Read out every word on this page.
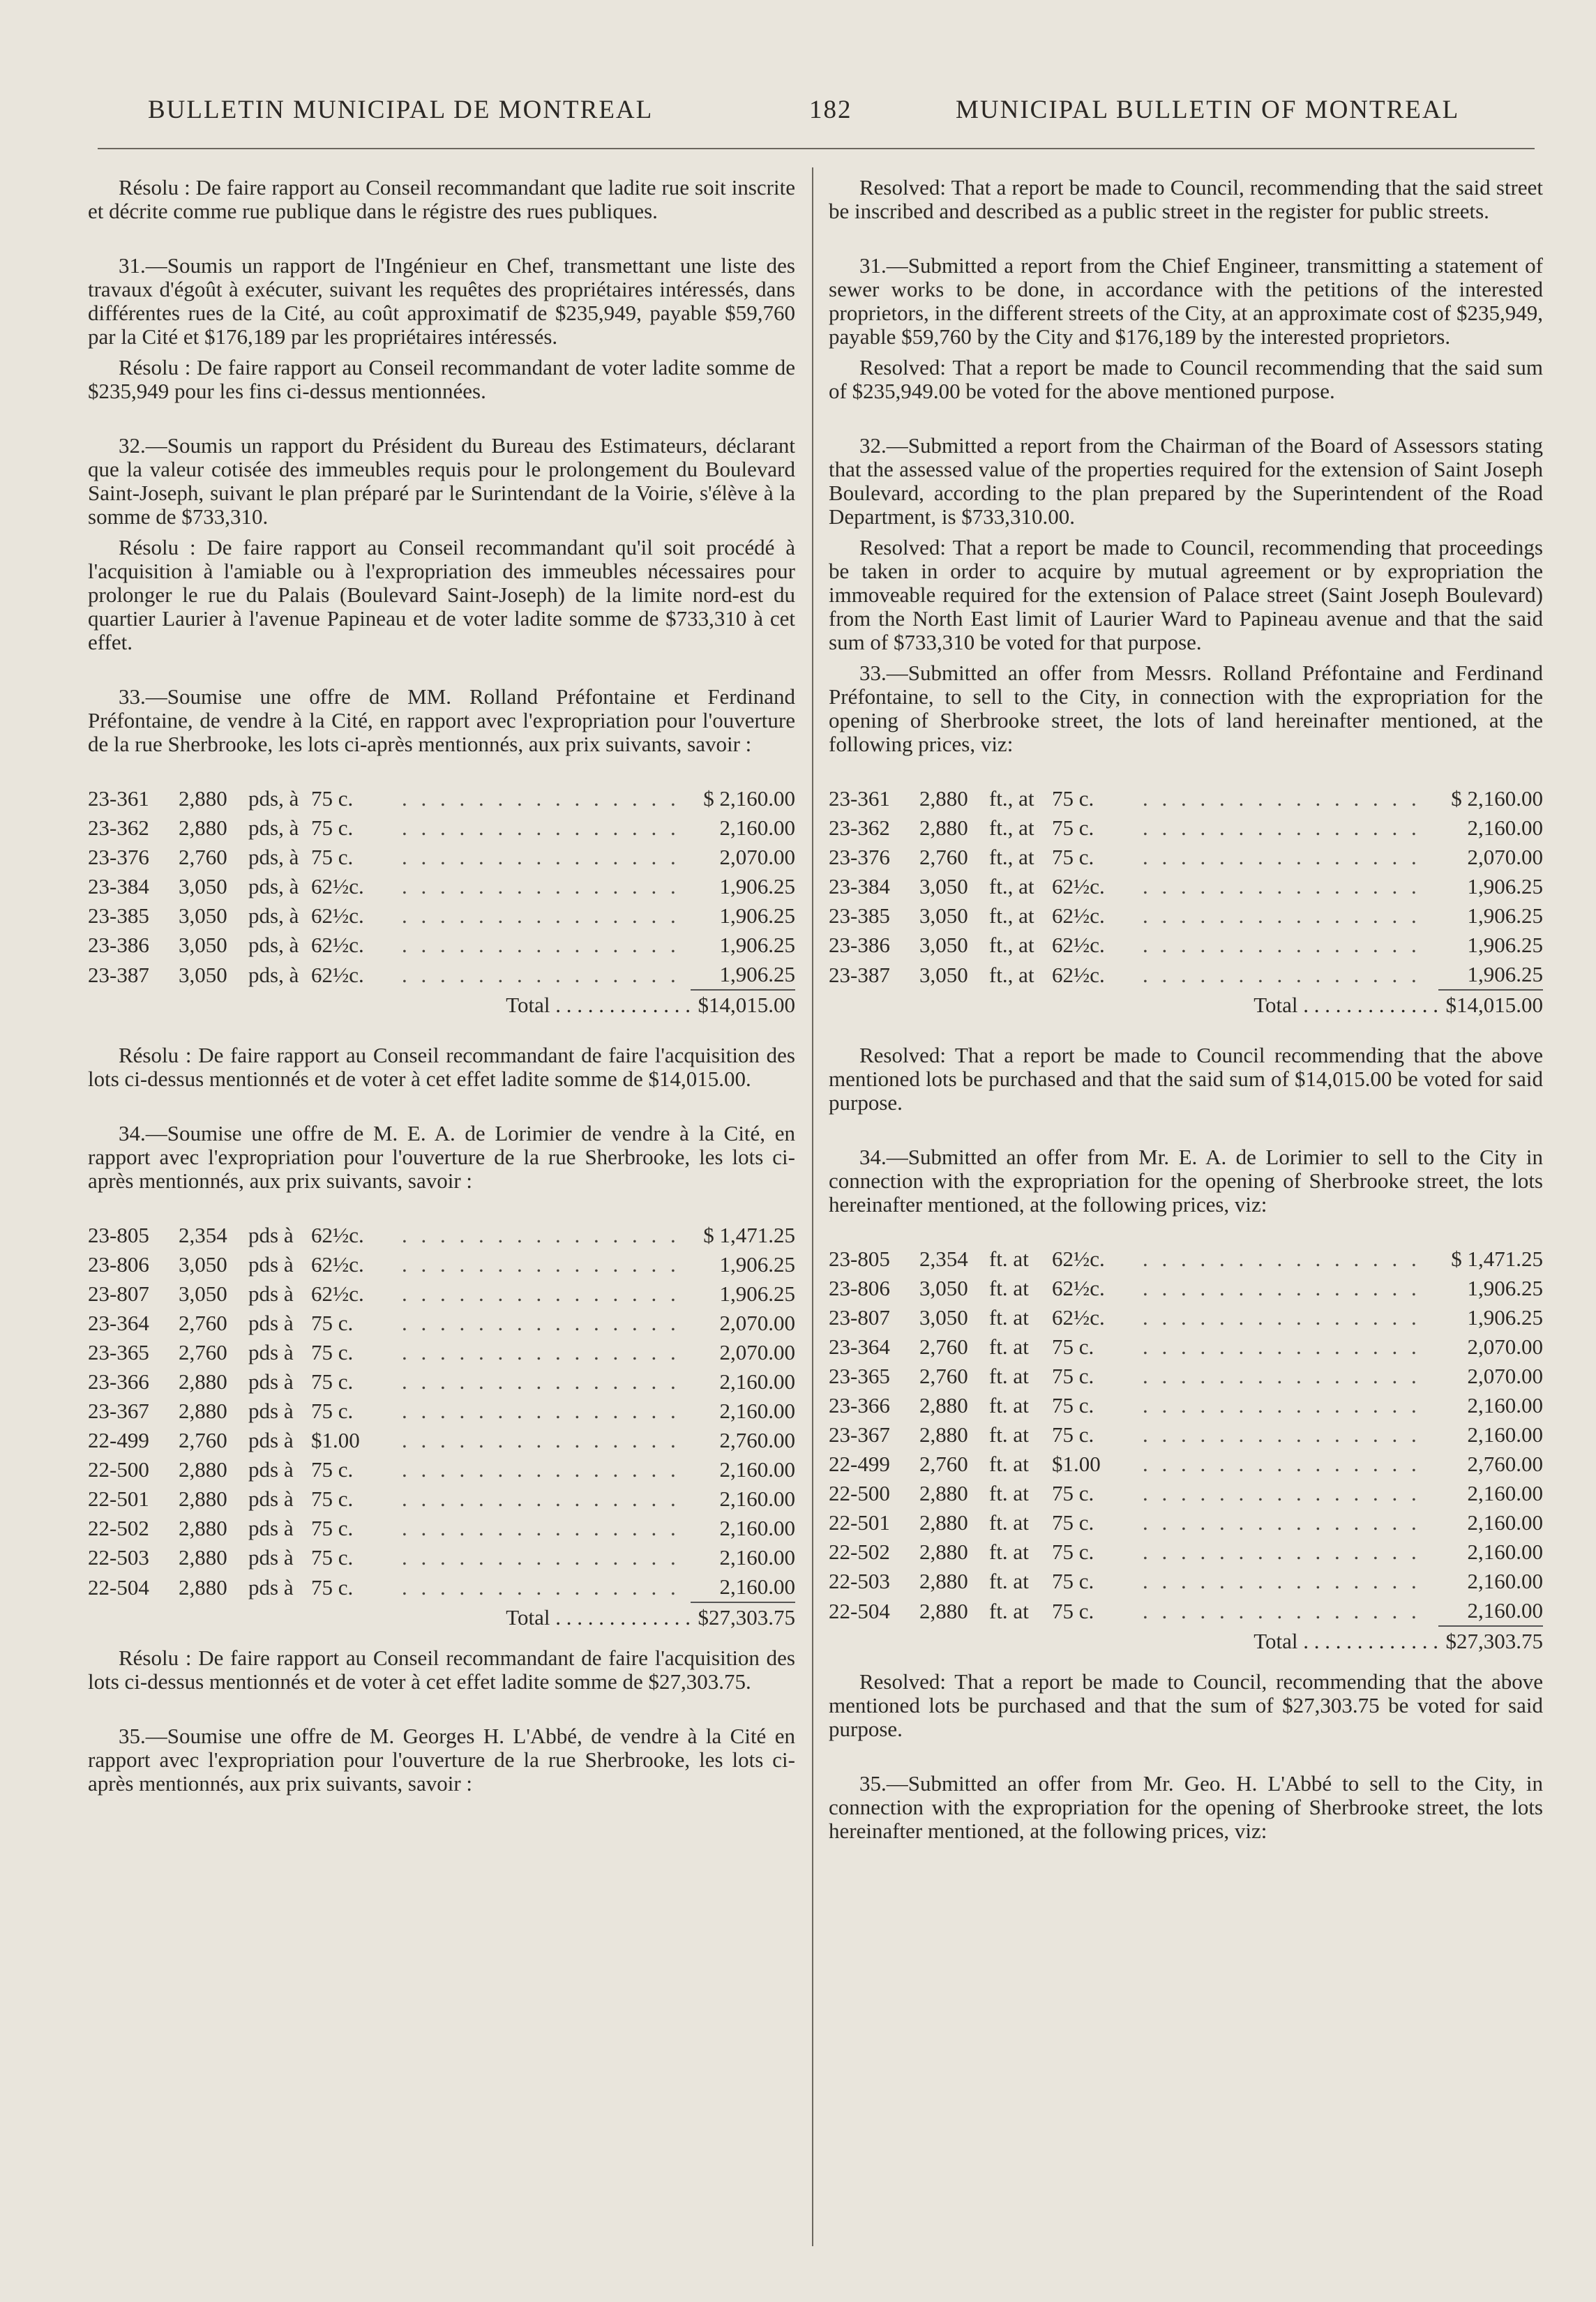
BULLETIN MUNICIPAL DE MONTREAL	182	MUNICIPAL BULLETIN OF MONTREAL

Résolu : De faire rapport au Conseil recommandant que ladite rue soit inscrite et décrite comme rue publique dans le régistre des rues publiques.

31.—Soumis un rapport de l'Ingénieur en Chef, transmettant une liste des travaux d'égoût à exécuter, suivant les requêtes des propriétaires intéressés, dans différentes rues de la Cité, au coût approximatif de $235,949, payable $59,760 par la Cité et $176,189 par les propriétaires intéressés.

Résolu : De faire rapport au Conseil recommandant de voter ladite somme de $235,949 pour les fins ci-dessus mentionnées.

32.—Soumis un rapport du Président du Bureau des Estimateurs, déclarant que la valeur cotisée des immeubles requis pour le prolongement du Boulevard Saint-Joseph, suivant le plan préparé par le Surintendant de la Voirie, s'élève à la somme de $733,310.

Résolu : De faire rapport au Conseil recommandant qu'il soit procédé à l'acquisition à l'amiable ou à l'expropriation des immeubles nécessaires pour prolonger le rue du Palais (Boulevard Saint-Joseph) de la limite nord-est du quartier Laurier à l'avenue Papineau et de voter ladite somme de $733,310 à cet effet.

33.—Soumise une offre de MM. Rolland Préfontaine et Ferdinand Préfontaine, de vendre à la Cité, en rapport avec l'expropriation pour l'ouverture de la rue Sherbrooke, les lots ci-après mentionnés, aux prix suivants, savoir :

23-361	2,880	pds, à	75 c.	. . . . . . . . . . . . . . .	$ 2,160.00
23-362	2,880	pds, à	75 c.	. . . . . . . . . . . . . . .	2,160.00
23-376	2,760	pds, à	75 c.	. . . . . . . . . . . . . . .	2,070.00
23-384	3,050	pds, à	62½c.	. . . . . . . . . . . . . . .	1,906.25
23-385	3,050	pds, à	62½c.	. . . . . . . . . . . . . . .	1,906.25
23-386	3,050	pds, à	62½c.	. . . . . . . . . . . . . . .	1,906.25
23-387	3,050	pds, à	62½c.	. . . . . . . . . . . . . . .	1,906.25
Total . . . . . . . . . . . . .					$14,015.00

Résolu : De faire rapport au Conseil recommandant de faire l'acquisition des lots ci-dessus mentionnés et de voter à cet effet ladite somme de $14,015.00.

34.—Soumise une offre de M. E. A. de Lorimier de vendre à la Cité, en rapport avec l'expropriation pour l'ouverture de la rue Sherbrooke, les lots ci-après mentionnés, aux prix suivants, savoir :

23-805	2,354	pds à	62½c.	. . . . . . . . . . . . . . .	$ 1,471.25
23-806	3,050	pds à	62½c.	. . . . . . . . . . . . . . .	1,906.25
23-807	3,050	pds à	62½c.	. . . . . . . . . . . . . . .	1,906.25
23-364	2,760	pds à	75 c.	. . . . . . . . . . . . . . .	2,070.00
23-365	2,760	pds à	75 c.	. . . . . . . . . . . . . . .	2,070.00
23-366	2,880	pds à	75 c.	. . . . . . . . . . . . . . .	2,160.00
23-367	2,880	pds à	75 c.	. . . . . . . . . . . . . . .	2,160.00
22-499	2,760	pds à	$1.00	. . . . . . . . . . . . . . .	2,760.00
22-500	2,880	pds à	75 c.	. . . . . . . . . . . . . . .	2,160.00
22-501	2,880	pds à	75 c.	. . . . . . . . . . . . . . .	2,160.00
22-502	2,880	pds à	75 c.	. . . . . . . . . . . . . . .	2,160.00
22-503	2,880	pds à	75 c.	. . . . . . . . . . . . . . .	2,160.00
22-504	2,880	pds à	75 c.	. . . . . . . . . . . . . . .	2,160.00
Total . . . . . . . . . . . . .					$27,303.75

Résolu : De faire rapport au Conseil recommandant de faire l'acquisition des lots ci-dessus mentionnés et de voter à cet effet ladite somme de $27,303.75.

35.—Soumise une offre de M. Georges H. L'Abbé, de vendre à la Cité en rapport avec l'expropriation pour l'ouverture de la rue Sherbrooke, les lots ci-après mentionnés, aux prix suivants, savoir :

Resolved: That a report be made to Council, recommending that the said street be inscribed and described as a public street in the register for public streets.

31.—Submitted a report from the Chief Engineer, transmitting a statement of sewer works to be done, in accordance with the petitions of the interested proprietors, in the different streets of the City, at an approximate cost of $235,949, payable $59,760 by the City and $176,189 by the interested proprietors.

Resolved: That a report be made to Council recommending that the said sum of $235,949.00 be voted for the above mentioned purpose.

32.—Submitted a report from the Chairman of the Board of Assessors stating that the assessed value of the properties required for the extension of Saint Joseph Boulevard, according to the plan prepared by the Superintendent of the Road Department, is $733,310.00.

Resolved: That a report be made to Council, recommending that proceedings be taken in order to acquire by mutual agreement or by expropriation the immoveable required for the extension of Palace street (Saint Joseph Boulevard) from the North East limit of Laurier Ward to Papineau avenue and that the said sum of $733,310 be voted for that purpose.

33.—Submitted an offer from Messrs. Rolland Préfontaine and Ferdinand Préfontaine, to sell to the City, in connection with the expropriation for the opening of Sherbrooke street, the lots of land hereinafter mentioned, at the following prices, viz:

23-361	2,880	ft., at	75 c.	. . . . . . . . . . . . . . .	$ 2,160.00
23-362	2,880	ft., at	75 c.	. . . . . . . . . . . . . . .	2,160.00
23-376	2,760	ft., at	75 c.	. . . . . . . . . . . . . . .	2,070.00
23-384	3,050	ft., at	62½c.	. . . . . . . . . . . . . . .	1,906.25
23-385	3,050	ft., at	62½c.	. . . . . . . . . . . . . . .	1,906.25
23-386	3,050	ft., at	62½c.	. . . . . . . . . . . . . . .	1,906.25
23-387	3,050	ft., at	62½c.	. . . . . . . . . . . . . . .	1,906.25
Total . . . . . . . . . . . . .					$14,015.00

Resolved: That a report be made to Council recommending that the above mentioned lots be purchased and that the said sum of $14,015.00 be voted for said purpose.

34.—Submitted an offer from Mr. E. A. de Lorimier to sell to the City in connection with the expropriation for the opening of Sherbrooke street, the lots hereinafter mentioned, at the following prices, viz:

23-805	2,354	ft. at	62½c.	. . . . . . . . . . . . . . .	$ 1,471.25
23-806	3,050	ft. at	62½c.	. . . . . . . . . . . . . . .	1,906.25
23-807	3,050	ft. at	62½c.	. . . . . . . . . . . . . . .	1,906.25
23-364	2,760	ft. at	75 c.	. . . . . . . . . . . . . . .	2,070.00
23-365	2,760	ft. at	75 c.	. . . . . . . . . . . . . . .	2,070.00
23-366	2,880	ft. at	75 c.	. . . . . . . . . . . . . . .	2,160.00
23-367	2,880	ft. at	75 c.	. . . . . . . . . . . . . . .	2,160.00
22-499	2,760	ft. at	$1.00	. . . . . . . . . . . . . . .	2,760.00
22-500	2,880	ft. at	75 c.	. . . . . . . . . . . . . . .	2,160.00
22-501	2,880	ft. at	75 c.	. . . . . . . . . . . . . . .	2,160.00
22-502	2,880	ft. at	75 c.	. . . . . . . . . . . . . . .	2,160.00
22-503	2,880	ft. at	75 c.	. . . . . . . . . . . . . . .	2,160.00
22-504	2,880	ft. at	75 c.	. . . . . . . . . . . . . . .	2,160.00
Total . . . . . . . . . . . . .					$27,303.75

Resolved: That a report be made to Council, recommending that the above mentioned lots be purchased and that the sum of $27,303.75 be voted for said purpose.

35.—Submitted an offer from Mr. Geo. H. L'Abbé to sell to the City, in connection with the expropriation for the opening of Sherbrooke street, the lots hereinafter mentioned, at the following prices, viz:
